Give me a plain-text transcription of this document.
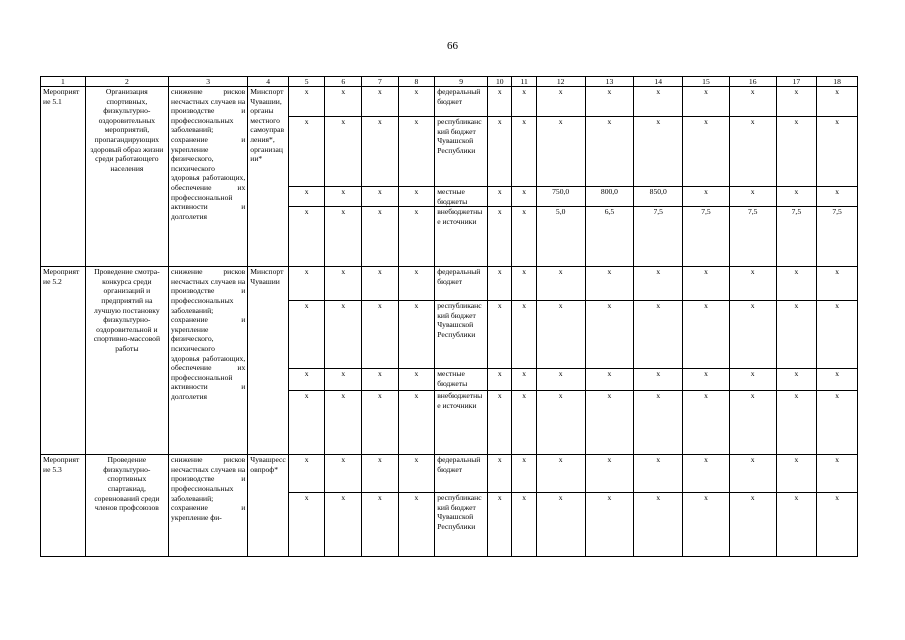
66
1	2	3	4	5	6	7	8	9	10	11	12	13	14	15	16	17	18
Мероприятие 5.1	Организация спортивных, физкультурно-оздоровительных мероприятий, пропагандирующих здоровый образ жизни среди работающего населения	снижение рисков несчастных случаев на производстве и профессиональных заболеваний; сохранение и укрепление физического, психического здоровья работающих, обеспечение их профессиональной активности и долголетия	Минспорт Чувашии, органы местного самоуправления*, организации*	x	x	x	x	федеральный бюджет	x	x	x	x	x	x	x	x	x
				x	x	x	x	республиканский бюджет Чувашской Республики	x	x	x	x	x	x	x	x	x
				x	x	x	x	местные бюджеты	x	x	750,0	800,0	850,0	x	x	x	x
				x	x	x	x	внебюджетные источники	x	x	5,0	6,5	7,5	7,5	7,5	7,5	7,5
Мероприятие 5.2	Проведение смотра-конкурса среди организаций и предприятий на лучшую постановку физкультурно-оздоровительной и спортивно-массовой работы	снижение рисков несчастных случаев на производстве и профессиональных заболеваний; сохранение и укрепление физического, психического здоровья работающих, обеспечение их профессиональной активности и долголетия	Минспорт Чувашии	x	x	x	x	федеральный бюджет	x	x	x	x	x	x	x	x	x
				x	x	x	x	республиканский бюджет Чувашской Республики	x	x	x	x	x	x	x	x	x
				x	x	x	x	местные бюджеты	x	x	x	x	x	x	x	x	x
				x	x	x	x	внебюджетные источники	x	x	x	x	x	x	x	x	x
Мероприятие 5.3	Проведение физкультурно-спортивных спартакиад, соревнований среди членов профсоюзов	снижение рисков несчастных случаев на производстве и профессиональных заболеваний; сохранение и укрепление фи-	Чувашрессовпроф*	x	x	x	x	федеральный бюджет	x	x	x	x	x	x	x	x	x
				x	x	x	x	республиканский бюджет Чувашской Республики	x	x	x	x	x	x	x	x	x
